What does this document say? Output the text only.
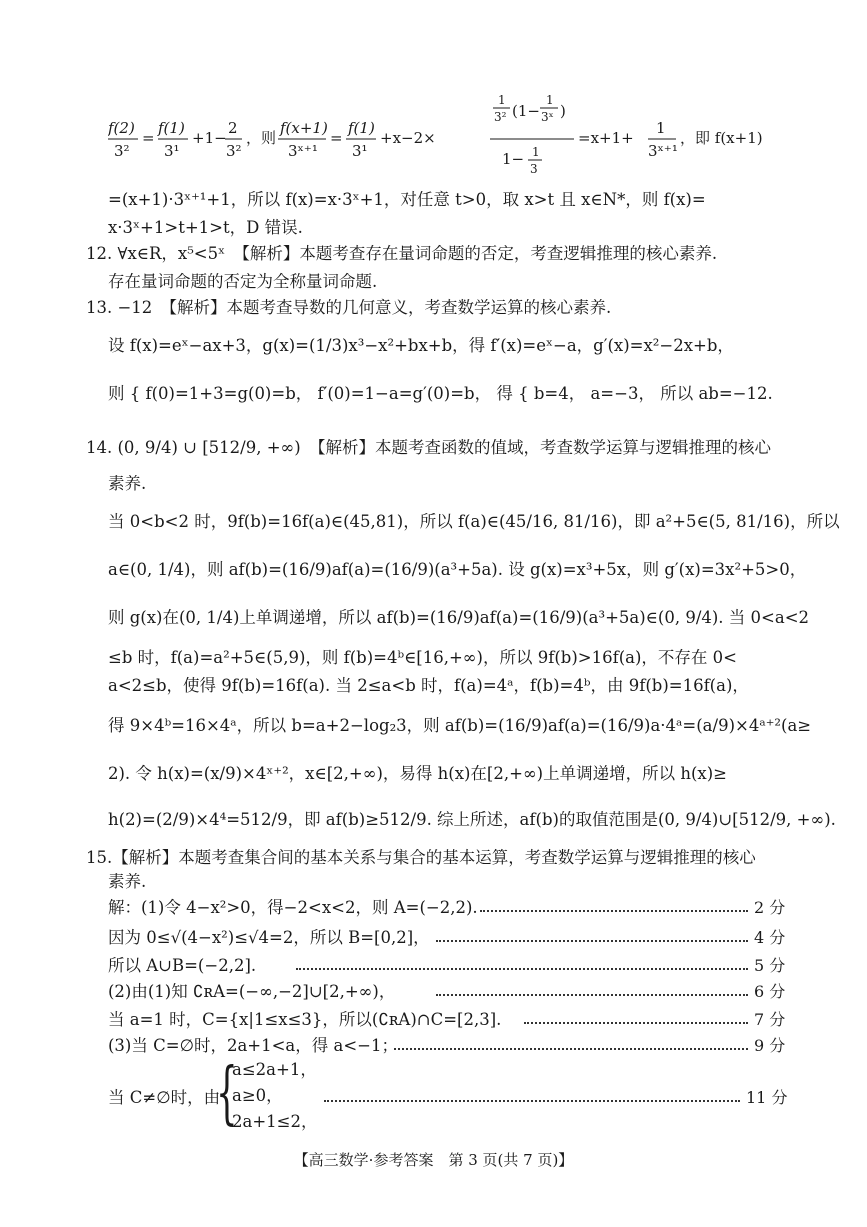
f(2)
3²
=
f(1)
3¹
+1−
2
3²
，则
f(x+1)
3ˣ⁺¹
=
f(1)
3¹
+x−2×
1
3² (1−
1
3ˣ )
1− 1
3
=x+1+
1
3ˣ⁺¹
，即 f(x+1)
=(x+1)·3ˣ⁺¹+1，所以 f(x)=x·3ˣ+1，对任意 t>0，取 x>t 且 x∈N*，则 f(x)=
x·3ˣ+1>t+1>t，D 错误.
12. ∀x∈R，x⁵<5ˣ　【解析】本题考查存在量词命题的否定，考查逻辑推理的核心素养.
存在量词命题的否定为全称量词命题.
13. −12　【解析】本题考查导数的几何意义，考查数学运算的核心素养.
设 f(x)=eˣ−ax+3，g(x)=(1/3)x³−x²+bx+b，得 f′(x)=eˣ−a，g′(x)=x²−2x+b，
则 { f(0)=1+3=g(0)=b， f′(0)=1−a=g′(0)=b， 得 { b=4， a=−3， 所以 ab=−12.
14. (0, 9/4) ∪ [512/9, +∞)　【解析】本题考查函数的值域，考查数学运算与逻辑推理的核心
素养.
当 0<b<2 时，9f(b)=16f(a)∈(45,81)，所以 f(a)∈(45/16, 81/16)，即 a²+5∈(5, 81/16)，所以
a∈(0, 1/4)，则 af(b)=(16/9)af(a)=(16/9)(a³+5a). 设 g(x)=x³+5x，则 g′(x)=3x²+5>0，
则 g(x)在(0, 1/4)上单调递增，所以 af(b)=(16/9)af(a)=(16/9)(a³+5a)∈(0, 9/4). 当 0<a<2
≤b 时，f(a)=a²+5∈(5,9)，则 f(b)=4ᵇ∈[16,+∞)，所以 9f(b)>16f(a)，不存在 0<
a<2≤b，使得 9f(b)=16f(a). 当 2≤a<b 时，f(a)=4ᵃ，f(b)=4ᵇ，由 9f(b)=16f(a)，
得 9×4ᵇ=16×4ᵃ，所以 b=a+2−log₂3，则 af(b)=(16/9)af(a)=(16/9)a·4ᵃ=(a/9)×4ᵃ⁺²(a≥
2). 令 h(x)=(x/9)×4ˣ⁺²，x∈[2,+∞)，易得 h(x)在[2,+∞)上单调递增，所以 h(x)≥
h(2)=(2/9)×4⁴=512/9，即 af(b)≥512/9. 综上所述，af(b)的取值范围是(0, 9/4)∪[512/9, +∞).
15.【解析】本题考查集合间的基本关系与集合的基本运算，考查数学运算与逻辑推理的核心
素养.
解：(1)令 4−x²>0，得−2<x<2，则 A=(−2,2).	2 分
因为 0≤√(4−x²)≤√4=2，所以 B=[0,2]，	4 分
所以 A∪B=(−2,2].	5 分
(2)由(1)知 ∁ʀA=(−∞,−2]∪[2,+∞)，	6 分
当 a=1 时，C={x|1≤x≤3}，所以(∁ʀA)∩C=[2,3].	7 分
(3)当 C=∅时，2a+1<a，得 a<−1；	9 分
当 C≠∅时，由
{
a≤2a+1，
a≥0，
2a+1≤2，
11 分
【高三数学·参考答案　第 3 页(共 7 页)】
